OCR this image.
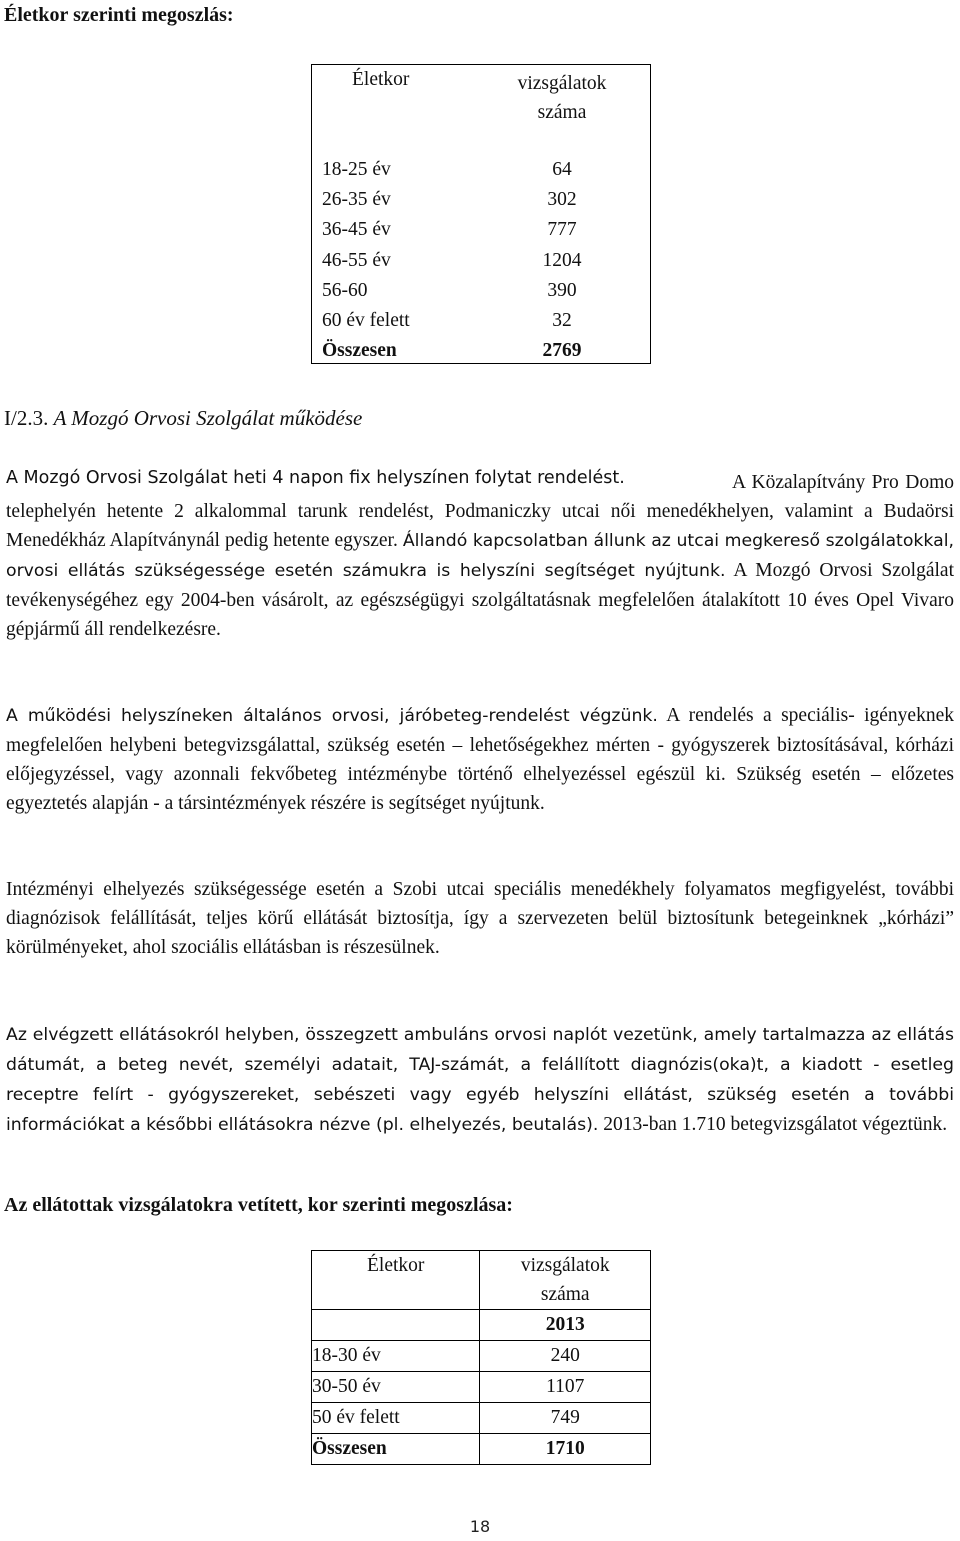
Életkor szerinti megoszlás:
Életkor	vizsgálatok
száma
18-25 év	64
26-35 év	302
36-45 év	777
46-55 év	1204
56-60	390
60 év felett	32
Összesen	2769
I/2.3. A Mozgó Orvosi Szolgálat működése
A Mozgó Orvosi Szolgálat heti 4 napon fix helyszínen folytat rendelést.	A Közalapítvány Pro Domo telephelyén hetente 2 alkalommal tarunk rendelést, Podmaniczky utcai női menedékhelyen, valamint a Budaörsi Menedékház Alapítványnál pedig hetente egyszer. Állandó kapcsolatban állunk az utcai megkereső szolgálatokkal, orvosi ellátás szükségessége esetén számukra is helyszíni segítséget nyújtunk. A Mozgó Orvosi Szolgálat tevékenységéhez egy 2004-ben vásárolt, az egészségügyi szolgáltatásnak megfelelően átalakított 10 éves Opel Vivaro gépjármű áll rendelkezésre.

A működési helyszíneken általános orvosi, járóbeteg-rendelést végzünk. A rendelés a speciális- igényeknek megfelelően helybeni betegvizsgálattal, szükség esetén – lehetőségekhez mérten - gyógyszerek biztosításával, kórházi előjegyzéssel, vagy azonnali fekvőbeteg intézménybe történő elhelyezéssel egészül ki. Szükség esetén – előzetes egyeztetés alapján - a társintézmények részére is segítséget nyújtunk.

Intézményi elhelyezés szükségessége esetén a Szobi utcai speciális menedékhely folyamatos megfigyelést, további diagnózisok felállítását, teljes körű ellátását biztosítja, így a szervezeten belül biztosítunk betegeinknek „kórházi” körülményeket, ahol szociális ellátásban is részesülnek.

Az elvégzett ellátásokról helyben, összegzett ambuláns orvosi naplót vezetünk, amely tartalmazza az ellátás dátumát, a beteg nevét, személyi adatait, TAJ-számát, a felállított diagnózis(oka)t, a kiadott - esetleg receptre felírt - gyógyszereket, sebészeti vagy egyéb helyszíni ellátást, szükség esetén a további információkat a későbbi ellátásokra nézve (pl. elhelyezés, beutalás). 2013-ban 1.710 betegvizsgálatot végeztünk.

Az ellátottak vizsgálatokra vetített, kor szerinti megoszlása:
Életkor	vizsgálatok
száma

	2013
18-30 év	240
30-50 év	1107
50 év felett	749
Összesen	1710
18
